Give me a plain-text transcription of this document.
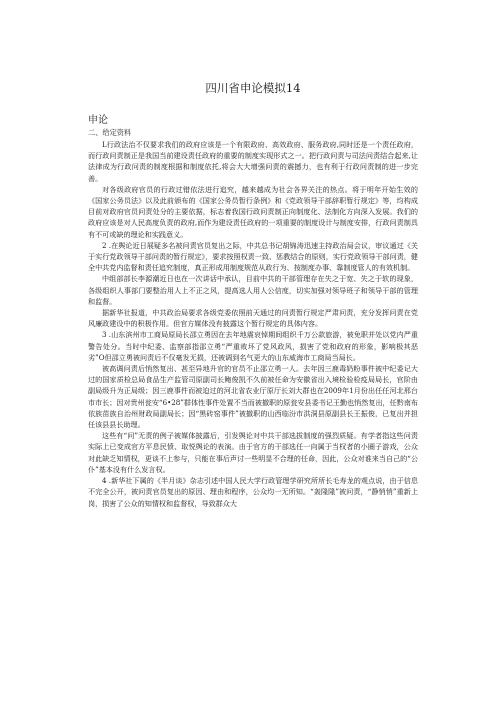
四川省申论模拟14
申论
二、给定资料

L行政法治不仅要求我们的政府应该是一个有限政府、高效政府、服务政府,同时还是一个责任政府，而行政问责制正是我国当前建设责任政府的重要的制度实现形式之一。把行政问责与司法问责结合起来,让法律成为行政问责的制度根据和制度依托,将会大大增强问责的震撼力，也有利于行政问责制的进一步完善。

对各级政府官员的行政过错依法进行追究，越来越成为社会各界关注的热点。将于明年开始生效的《国家公务员法》以及此前颁布的《国家公务员暂行条例》和《党政领导干部辞职暂行规定》等，均构成目前对政府官员问责处分的主要依据，标志着我国行政问责制正向制度化、法制化方向深入发展。我们的政府应该是对人民高度负责的政府,而作为建设责任政府的一项重要的制度设计与制度安排，行政问责制具有不可或缺的理论和实践意义。

2 .在舆论近日展疑多名被问责官员复出之际，中共总书记胡锦涛迅速主持政治局会议，审议通过《关于实行党政领导干部问责的暂行规定》，要求按照权责一致、惩教结合的原则，实行党政领导干部问责，健全中共党内监督和责任追究制度，真正形成用制度规范从政行为、按制度办事、靠制度管人的有效机制。

中组部部长李源潮近日也在一次讲话中承认，目前中共的干部管理存在失之于宽、失之于软的现象，各级组织人事部门要整治用人上不正之风，提高选人用人公信度，切实加强对领导班子和领导干部的管理和监督。

据新华社报道，中共政治局要求各级党委依照前天通过的问责暂行规定严肃问责，充分发挥问责在党风廉政建设中的积极作用。但官方媒体没有披露这个暂行规定的具体内容。

3 .山东滨州市工商局原局长邵立勇因在去年地震哀悼期间组织千万公款旅游，被免职并处以党内严重警告处分。当时中纪委、监察部指邵立勇“严重败坏了党风政风，损害了党和政府的形象，影响极其恶劣”O但邵立勇被问责后不仅毫发无损，还被调到名气更大的山东威海市工商局当局长。

被高调问责后悄然复出、甚至异地升官的官员不止邵立勇一人。去年因三鹿毒奶粉事件被中纪委记大过的国家质检总局食品生产监管司原副司长鲍俊凯不久前被任命为安徽省出入境检验检疫局局长，官阶由副局级升为正局级；因三鹿事件而被迫过的河北省农业厅原厅长刘大群也在2009年1月份出任任河北邢台市市长；因对贵州瓮安“6•28”群体性事件处置不当而被撤职的原瓮安县委书记王勤也悄然复出，任黔南布依族苗族自治州财政局副局长；因“黑砖窑事件”被撤职的山西临汾市洪洞县原副县长王振俊，已复出并担任该县县长助理。

这些有“问”无责的例子被媒体披露后，引发舆论对中共干部选拔制度的强烈质疑。有学者指这些问责实际上已变成官方平息民愤、取悦舆论的表演。由于官方的干部选任一向属于当权者的小圈子游戏，公众对此缺乏知情权，更谈不上参与，只能在事后声讨一些明显不合理的任命，因此，公众对谁来当自己的“公仆”基本没有什么发言权。

4 .新华社下属的《半月谈》杂志引述中国人民大学行政管理学研究所所长毛寿龙的观点说，由于信息不完全公开，被问责官员复出的原因、理由和程序，公众均一无所知。“轰隆隆”被问责，“静悄悄”重新上岗，损害了公众的知情权和监督权，导致群众大
